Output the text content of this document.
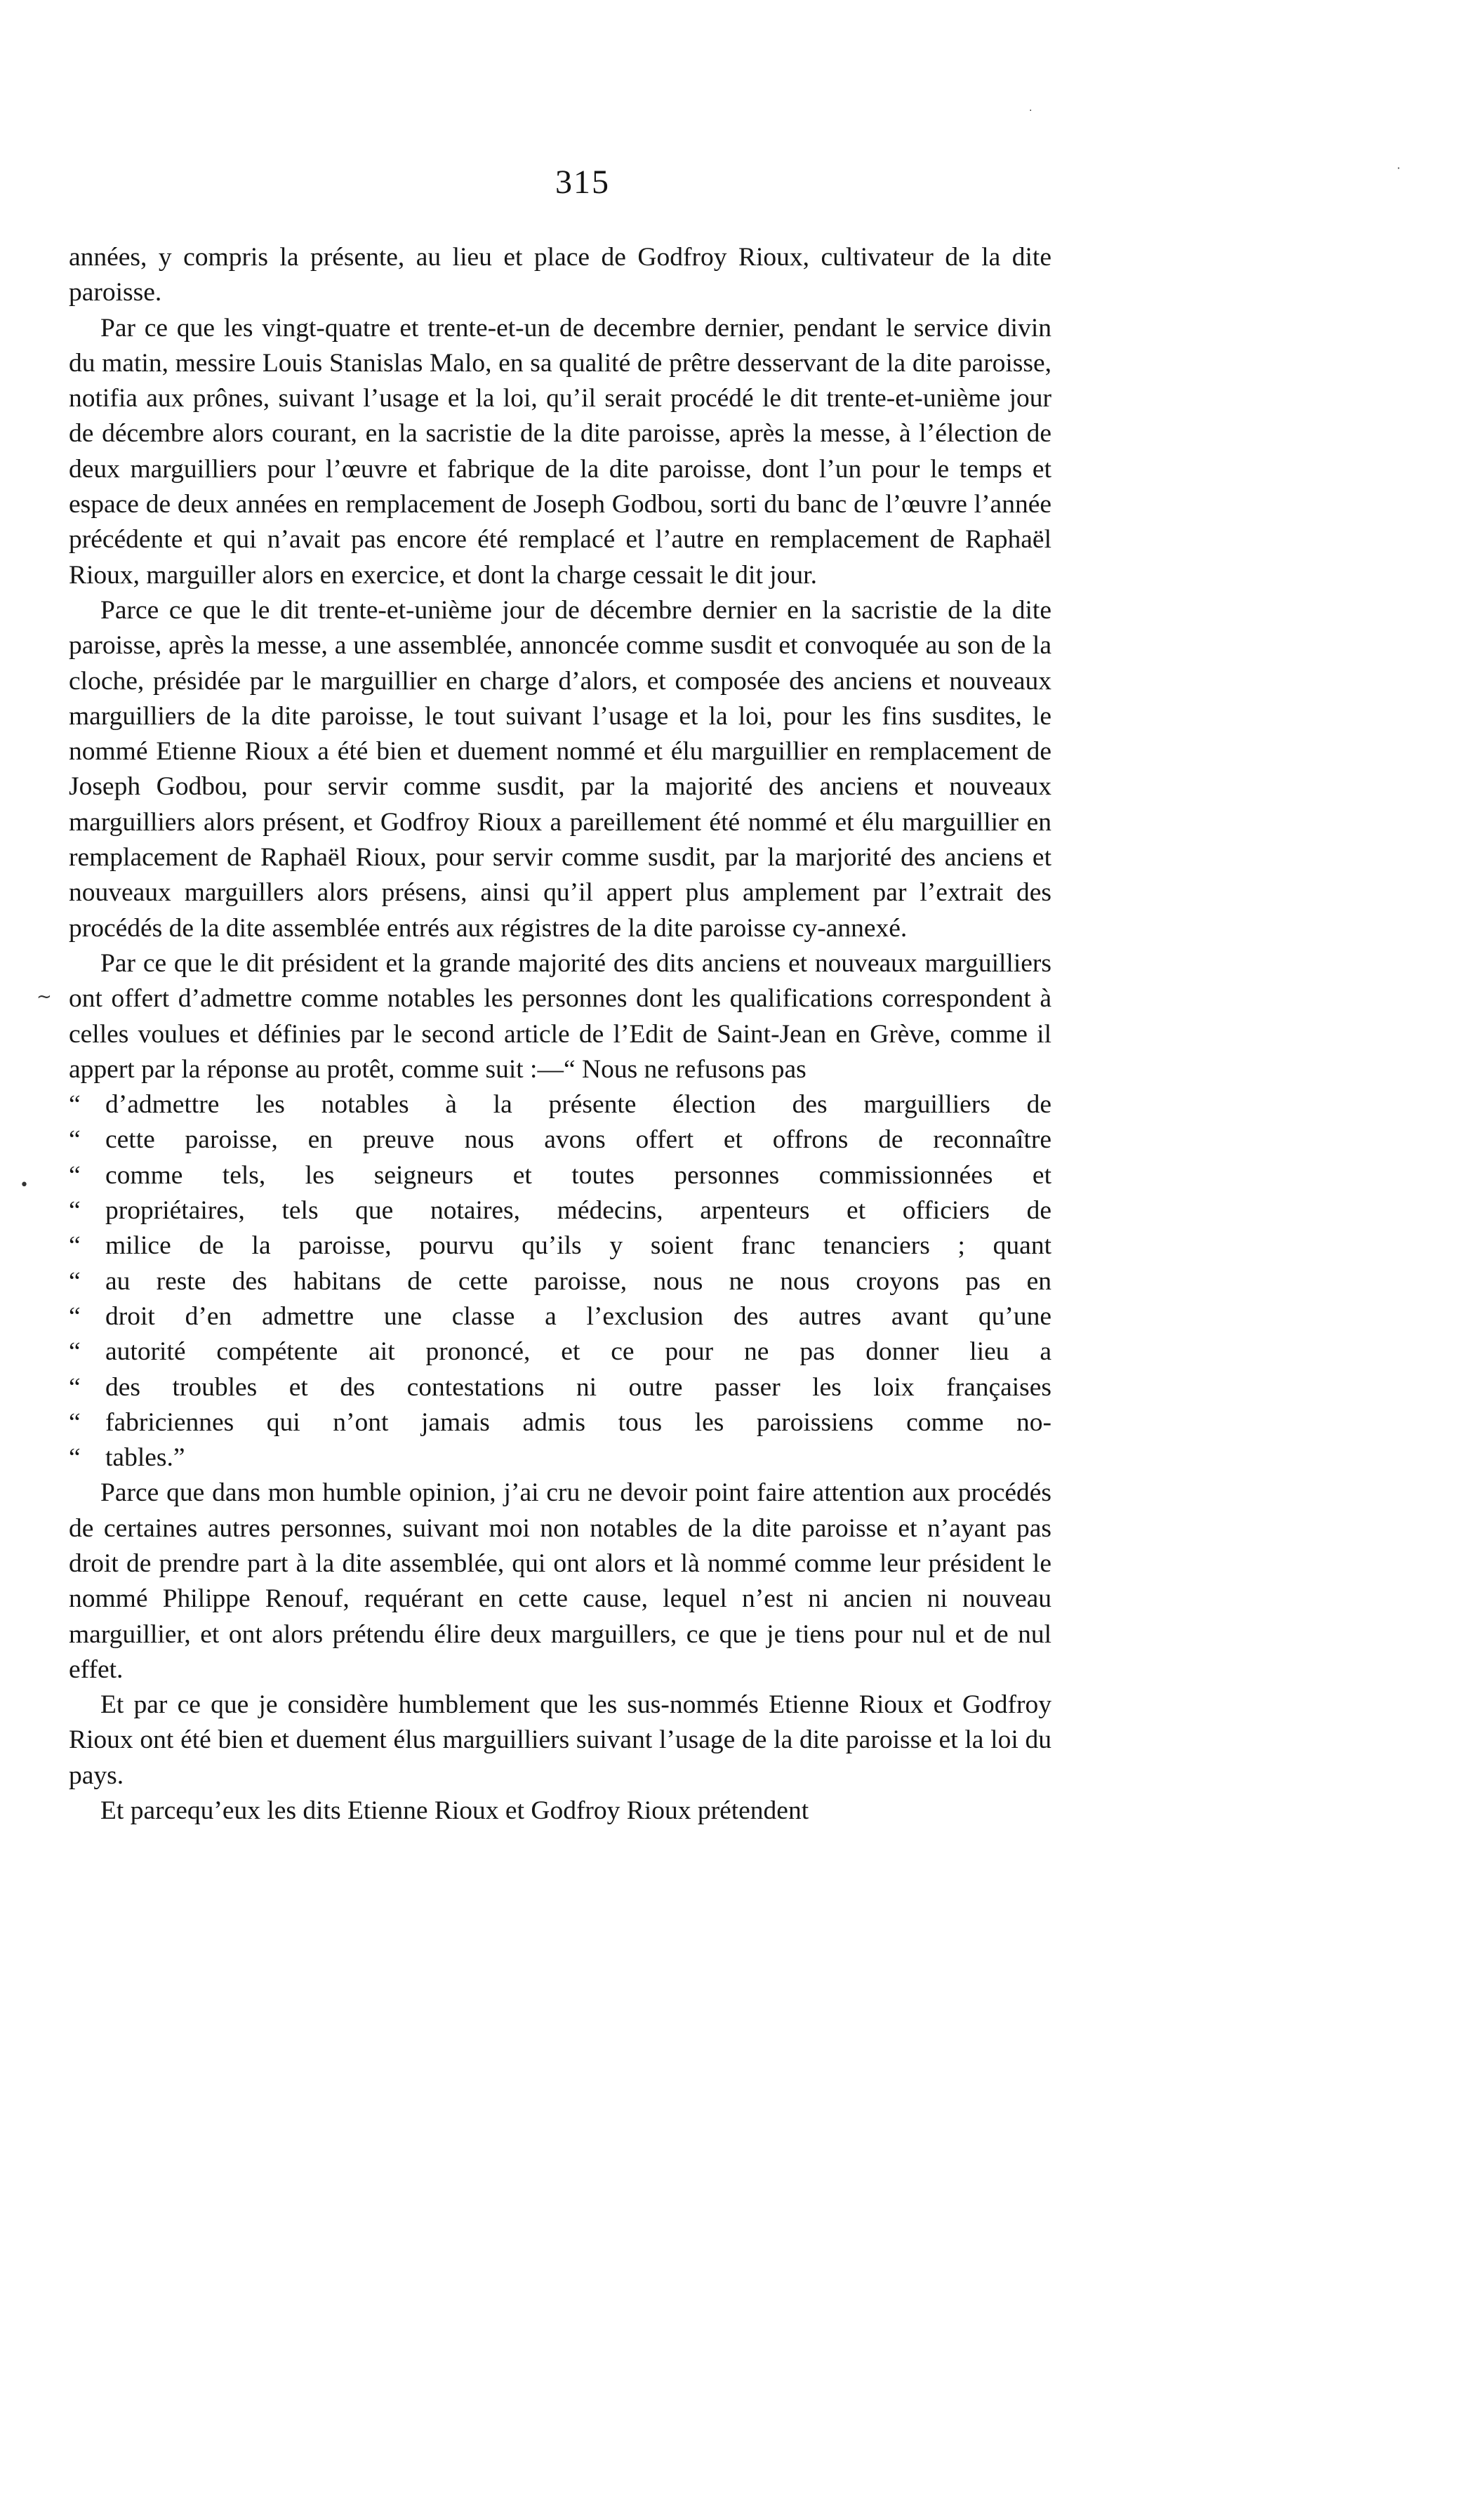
315
·
·
~
•

années, y compris la présente, au lieu et place de Godfroy Rioux, cultivateur de la dite paroisse.

Par ce que les vingt-quatre et trente-et-un de decembre dernier, pendant le service divin du matin, messire Louis Stanislas Malo, en sa qualité de prêtre desservant de la dite paroisse, notifia aux prônes, suivant l’usage et la loi, qu’il serait procédé le dit trente-et-unième jour de décembre alors courant, en la sacristie de la dite paroisse, après la messe, à l’élection de deux marguilliers pour l’œuvre et fabrique de la dite paroisse, dont l’un pour le temps et espace de deux années en remplacement de Joseph Godbou, sorti du banc de l’œuvre l’année précédente et qui n’avait pas encore été remplacé et l’autre en remplacement de Raphaël Rioux, marguiller alors en exercice, et dont la charge cessait le dit jour.

Parce ce que le dit trente-et-unième jour de décembre dernier en la sacristie de la dite paroisse, après la messe, a une assemblée, annoncée comme susdit et convoquée au son de la cloche, présidée par le marguillier en charge d’alors, et composée des anciens et nouveaux marguilliers de la dite paroisse, le tout suivant l’usage et la loi, pour les fins susdites, le nommé Etienne Rioux a été bien et duement nommé et élu marguillier en remplacement de Joseph Godbou, pour servir comme susdit, par la majorité des anciens et nouveaux marguilliers alors présent, et Godfroy Rioux a pareillement été nommé et élu marguillier en remplacement de Raphaël Rioux, pour servir comme susdit, par la marjorité des anciens et nouveaux marguillers alors présens, ainsi qu’il appert plus amplement par l’extrait des procédés de la dite assemblée entrés aux régistres de la dite paroisse cy-annexé.

Par ce que le dit président et la grande majorité des dits anciens et nouveaux marguilliers ont offert d’admettre comme notables les personnes dont les qualifications correspondent à celles voulues et définies par le second article de l’Edit de Saint-Jean en Grève, comme il appert par la réponse au protêt, comme suit :—“ Nous ne refusons pas

“ d’admettre les notables à la présente élection des marguilliers de
“ cette paroisse, en preuve nous avons offert et offrons de reconnaître
“ comme tels, les seigneurs et toutes personnes commissionnées et
“ propriétaires, tels que notaires, médecins, arpenteurs et officiers de
“ milice de la paroisse, pourvu qu’ils y soient franc tenanciers ; quant
“ au reste des habitans de cette paroisse, nous ne nous croyons pas en
“ droit d’en admettre une classe a l’exclusion des autres avant qu’une
“ autorité compétente ait prononcé, et ce pour ne pas donner lieu a
“ des troubles et des contestations ni outre passer les loix françaises
“ fabriciennes qui n’ont jamais admis tous les paroissiens comme no-
“ tables.”

Parce que dans mon humble opinion, j’ai cru ne devoir point faire attention aux procédés de certaines autres personnes, suivant moi non notables de la dite paroisse et n’ayant pas droit de prendre part à la dite assemblée, qui ont alors et là nommé comme leur président le nommé Philippe Renouf, requérant en cette cause, lequel n’est ni ancien ni nouveau marguillier, et ont alors prétendu élire deux marguillers, ce que je tiens pour nul et de nul effet.

Et par ce que je considère humblement que les sus-nommés Etienne Rioux et Godfroy Rioux ont été bien et duement élus marguilliers suivant l’usage de la dite paroisse et la loi du pays.

Et parcequ’eux les dits Etienne Rioux et Godfroy Rioux prétendent
